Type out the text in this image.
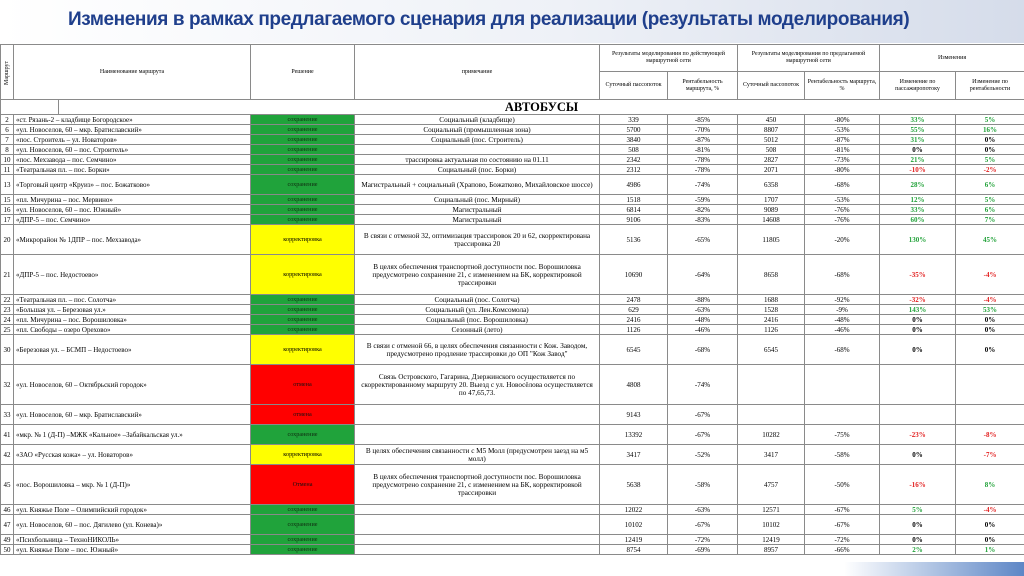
Изменения в рамках предлагаемого сценария для реализации (результаты моделирования)
Маршрут	Наименование маршрута		Решение	примечание	Результаты моделирования по действующей маршрутной сети		Результаты моделирования по предлагаемой маршрутной сети		Изменения	
					Суточный пассопоток	Рентабельность маршрута, %	Суточный пассопоток	Рентабельность маршрута, %	Изменение по пассажиропотоку	Изменение по рентабельности
		АВТОБУСЫ								
2	«ст. Рязань-2 – кладбище Богородское»		сохранение	Социальный (кладбище)	339	-85%	450	-80%	33%	5%
6	«ул. Новоселов, 60 – мкр. Братиславский»		сохранение	Социальный (промышленная зона)	5700	-70%	8807	-53%	55%	16%
7	«пос. Строитель – ул. Новаторов»		сохранение	Социальный (пос. Строитель)	3840	-87%	5012	-87%	31%	0%
8	«ул. Новоселов, 60 – пос. Строитель»		сохранение		508	-81%	508	-81%	0%	0%
10	«пос. Мехзавода – пос. Семчино»		сохранение	трассировка актуальная по состоянию на 01.11	2342	-78%	2827	-73%	21%	5%
11	«Театральная пл. – пос. Борки»		сохранение	Социальный (пос. Борки)	2312	-78%	2071	-80%	-10%	-2%
13	«Торговый центр «Круиз» – пос. Божатково»		сохранение	Магистральный + социальный (Храпово, Божатково, Михайловское шоссе)	4986	-74%	6358	-68%	28%	6%
15	«пл. Мичурина – пос. Мервино»		сохранение	Социальный (пос. Мирный)	1518	-59%	1707	-53%	12%	5%
16	«ул. Новоселов, 60 – пос. Южный»		сохранение	Магистральный	6814	-82%	9089	-76%	33%	6%
17	«ДПР-5 – пос. Семчино»		сохранение	Магистральный	9106	-83%	14608	-76%	60%	7%
20	«Микрорайон № 1ДПР – пос. Мехзавода»		корректировка	В связи с отменой 32, оптимизация трассировок 20 и 62, скорректирована трассировка 20	5136	-65%	11805	-20%	130%	45%
21	«ДПР-5 – пос. Недостоево»		корректировка	В целях обеспечения транспортной доступности пос. Ворошиловка предусмотрено сохранение 21, с изменением на БК, корректировкой трассировки	10690	-64%	8658	-68%	-35%	-4%
22	«Театральная пл. – пос. Солотча»		сохранение	Социальный (пос. Солотча)	2478	-88%	1688	-92%	-32%	-4%
23	«Большая ул. – Березовая ул.»		сохранение	Социальный (ул. Лен.Комсомола)	629	-63%	1528	-9%	143%	53%
24	«пл. Мичурина – пос. Ворошиловка»		сохранение	Социальный (пос. Ворошиловка)	2416	-48%	2416	-48%	0%	0%
25	«пл. Свободы – озеро Орехово»		сохранение	Сезонный (лето)	1126	-46%	1126	-46%	0%	0%
30	«Березовая ул. – БСМП – Недостоево»		корректировка	В связи с отменой 66, в целях обеспечения связанности с Кож. Заводом, предусмотрено продление трассировки до ОП "Кож Завод"	6545	-68%	6545	-68%	0%	0%
32	«ул. Новоселов, 60 – Октябрьский городок»		отмена	Связь Островского, Гагарина, Дзержинского осуществляется по скорректированному маршруту 20. Выезд с ул. Новосёлова осуществляется по 47,65,73.	4808	-74%				
33	«ул. Новоселов, 60 – мкр. Братиславский»		отмена		9143	-67%				
41	«мкр. № 1 (Д-П) –МЖК «Кальное» –Забайкальская ул.»		сохранение		13392	-67%	10282	-75%	-23%	-8%
42	«ЗАО «Русская кожа» – ул. Новаторов»		корректировка	В целях обеспечения связанности с М5 Молл (предусмотрен заезд на м5 молл)	3417	-52%	3417	-58%	0%	-7%
45	«пос. Ворошиловка – мкр. № 1 (Д-П)»		Отмена	В целях обеспечения транспортной доступности пос. Ворошиловка предусмотрено сохранение 21, с изменением на БК, корректировкой трассировки	5638	-58%	4757	-50%	-16%	8%
46	«ул. Княжье Поле – Олимпийский городок»		сохранение		12022	-63%	12571	-67%	5%	-4%
47	«ул. Новоселов, 60 – пос. Дягилево (ул. Конева)»		сохранение		10102	-67%	10102	-67%	0%	0%
49	«Психбольница – ТехноНИКОЛЬ»		сохранение		12419	-72%	12419	-72%	0%	0%
50	«ул. Княжье Поле – пос. Южный»		сохранение		8754	-69%	8957	-66%	2%	1%
